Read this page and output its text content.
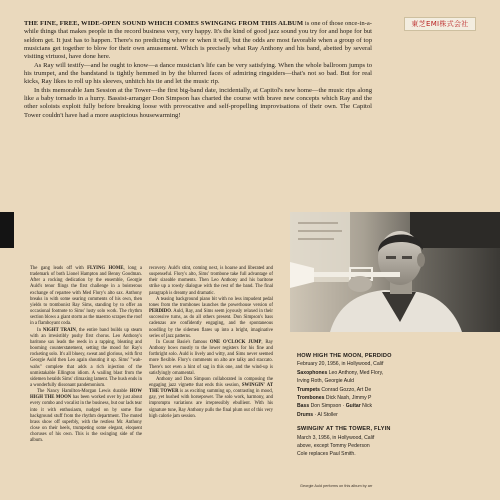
THE FINE, FREE, WIDE-OPEN SOUND WHICH COMES SWINGING FROM THIS ALBUM is one of those once-in-a-while things that makes people in the record business very, very happy. It's the kind of good jazz sound you try for and hope for but seldom get. It just has to happen. There's no predicting where or when it will, but the odds are most favorable when a group of top musicians get together to blow for their own amusement. Which is precisely what Ray Anthony and his band, abetted by several visiting virtuosi, have done here.

As Ray will testify—and he ought to know—a dance musician's life can be very satisfying. When the whole ballroom jumps to his trumpet, and the bandstand is tightly hemmed in by the blurred faces of admiring ringsiders—that's not so bad. But for real kicks, Ray likes to roll up his sleeves, unhitch his tie and let the music rip.

In this memorable Jam Session at the Tower—the first big-band date, incidentally, at Capitol's new home—the music rips along like a baby tornado in a hurry. Bassist-arranger Don Simpson has charted the course with brave new concepts which Ray and the other soloists exploit fully before breaking loose with provocative and self-propelling improvisations of their own. The Capitol Tower couldn't have had a more auspicious housewarming!

東芝EMI株式会社

The gang leads off with FLYING HOME, long a trademark of both Lionel Hampton and Benny Goodman. After a rocking dedication by the ensemble, Georgie Auld's tenor flings the first challenge in a boisterous exchange of repartee with Med Flory's alto sax. Anthony breaks in with some searing comments of his own, then yields to trombonist Ray Sims, standing by to offer an occasional footnote to Sims' lusty solo work. The rhythm section blows a giant storm as the maestro scrapes the roof in a flamboyant coda.

In NIGHT TRAIN, the entire band builds up steam with an irresistibly pushy first chorus. Leo Anthony's baritone sax leads the reeds in a rapping, bleating and booming counterstatement, setting the mood for Ray's rocketing solo. It's all bluesy, sweat and glorious, with first Georgie Auld then Leo again shouting it up. Sims' "wah-wahs" complete that adds a rich injection of the unmistakable Ellington idiom. A wailing blast from the sidemen heralds Sims' climaxing lament. The hush ends in a wonderfully dissonant pandemonium.

The Nancy Hamilton-Morgan Lewis durable HOW HIGH THE MOON has been worked over by just about every combo and vocalist in the business, but our lads tear into it with enthusiasm, nudged on by some fine background stuff from the rhythm department. The muted brass show off superbly, with the restless Mr. Anthony close on their heels, trumpeting some elegant, eloquent choruses of his own. This is the swinging side of the album.

recovery. Auld's stint, coming next, is hoarse and liberated and suspenseful. Flory's alto, Sims' trombone take full advantage of their sizeable moments. Then Leo Anthony and his baritone strike up a rowdy dialogue with the rest of the band. The final paragraph is dreamy and dramatic.

A teasing background piano bit with no less impudent pedal tones from the trombones launches the powerhouse version of PERDIDO. Auld, Ray, and Sims seem joyously relaxed in their successive turns, as do all others present. Don Simpson's bass cadenzas are confidently engaging, and the spontaneous noodling by the sidemen flares up into a bright, imaginative series of jazz patterns.

In Count Basie's famous ONE O'CLOCK JUMP, Ray Anthony bows mostly to the lower registers for his fine and forthright solo. Auld is lively and witty, and Sims never seemed more flexible. Flory's comments on alto are talky and staccato. There's not even a hint of sag in this one, and the wind-up is satisfyingly ornamental.

Anthony and Don Simpson collaborated in composing the engaging jazz vignette that ends this session, SWINGIN' AT THE TOWER is as exciting summing up, contrasting in mood, gay, yet hushed with horsepower. The solo work, harmony, and impromptu variations are irrepressibly ebullient. With his signature tune, Ray Anthony pulls the final plum out of this very high calorie jam session.

HOW HIGH THE MOON, PERDIDO
February 20, 1956, in Hollywood, Calif
Saxophones Leo Anthony, Med Flory,
Irving Roth, Georgie Auld
Trumpets Conrad Gozzo, Art De
Trombones Dick Nash, Jimmy P
Bass Don Simpson · Guitar Nick
Drums · Al Stoller
SWINGIN' AT THE TOWER, FLYIN
March 3, 1956, in Hollywood, Calif
above, except Tommy Pederson
Cole replaces Paul Smith.
Georgie Auld performs on this album by arr
